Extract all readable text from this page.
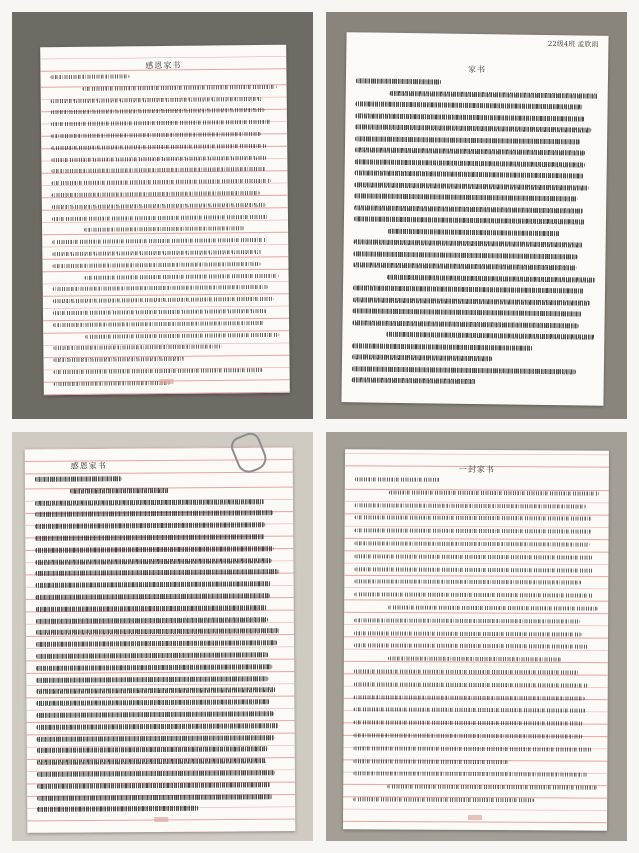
感恩家书
22级4班 孟欣雨
家书
感恩家书	一封家书
